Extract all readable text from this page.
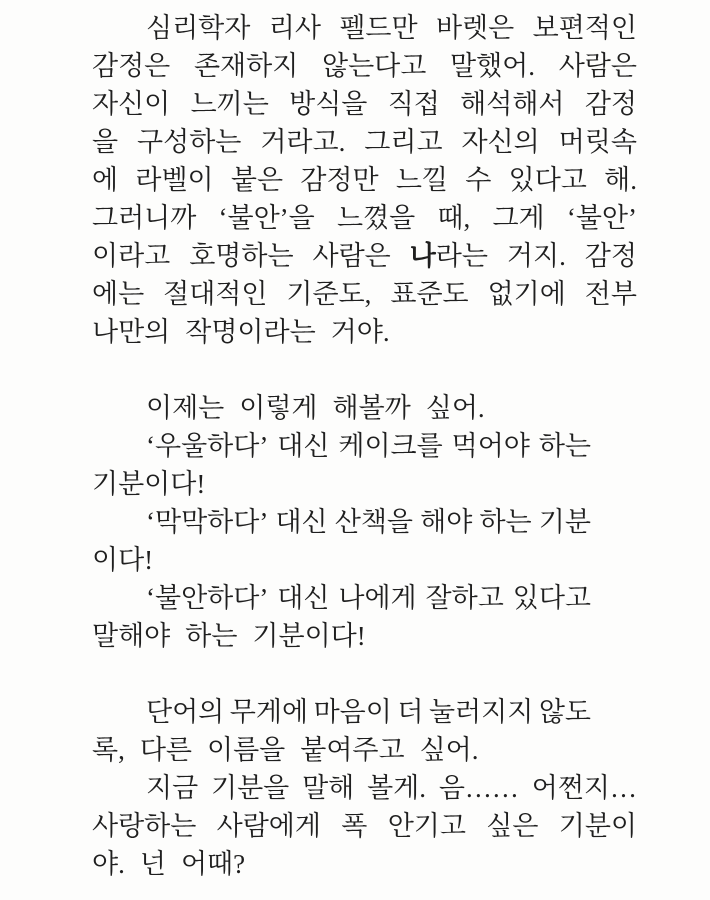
심리학자 리사 펠드만 바렛은 보편적인
감정은 존재하지 않는다고 말했어. 사람은
자신이 느끼는 방식을 직접 해석해서 감정
을 구성하는 거라고. 그리고 자신의 머릿속
에 라벨이 붙은 감정만 느낄 수 있다고 해.
그러니까 ‘불안’을 느꼈을 때, 그게 ‘불안’
이라고 호명하는 사람은 나라는 거지. 감정
에는 절대적인 기준도, 표준도 없기에 전부
나만의 작명이라는 거야.
이제는 이렇게 해볼까 싶어.
‘우울하다’ 대신 케이크를 먹어야 하는
기분이다!
‘막막하다’ 대신 산책을 해야 하는 기분
이다!
‘불안하다’ 대신 나에게 잘하고 있다고
말해야 하는 기분이다!
단어의 무게에 마음이 더 눌러지지 않도
록, 다른 이름을 붙여주고 싶어.
지금 기분을 말해 볼게. 음…… 어쩐지…
사랑하는 사람에게 폭 안기고 싶은 기분이
야. 넌 어때?
